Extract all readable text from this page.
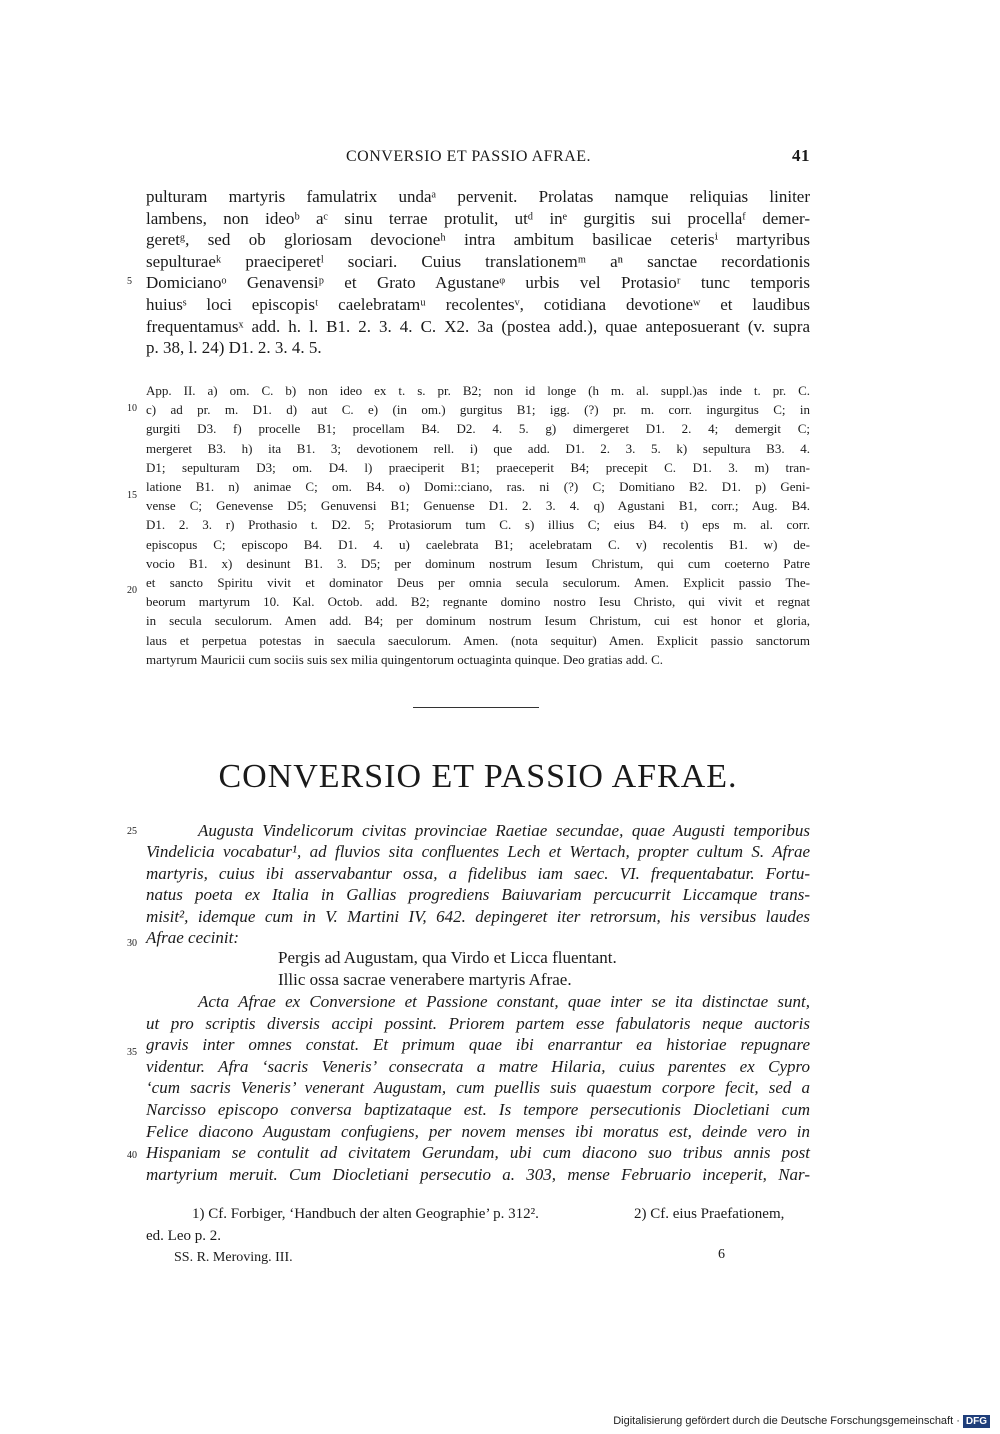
CONVERSIO ET PASSIO AFRAE.	41
pulturam martyris famulatrix undaᵃ pervenit. Prolatas namque reliquias liniter
lambens, non ideoᵇ aᶜ sinu terrae protulit, utᵈ inᵉ gurgitis sui procellaᶠ demer-
geretᵍ, sed ob gloriosam devocioneʰ intra ambitum basilicae ceterisⁱ martyribus
sepulturaeᵏ praeciperetˡ sociari. Cuius translationemᵐ aⁿ sanctae recordationis
Domicianoᵒ Genavensiᵖ et Grato Agustaneᵠ urbis vel Protasioʳ tunc temporis
huiusˢ loci episcopisᵗ caelebratamᵘ recolentesᵛ, cotidiana devotioneʷ et laudibus
frequentamusˣ add. h. l. B1. 2. 3. 4. C. X2. 3a (postea add.), quae anteposuerant (v. supra
p. 38, l. 24) D1. 2. 3. 4. 5.
5
10
15
20
App. II. a) om. C. b) non ideo ex t. s. pr. B2; non id longe (h m. al. suppl.)as inde t. pr. C.
c) ad pr. m. D1. d) aut C. e) (in om.) gurgitus B1; igg. (?) pr. m. corr. ingurgitus C; in
gurgiti D3. f) procelle B1; procellam B4. D2. 4. 5. g) dimergeret D1. 2. 4; demergit C;
mergeret B3. h) ita B1. 3; devotionem rell. i) que add. D1. 2. 3. 5. k) sepultura B3. 4.
D1; sepulturam D3; om. D4. l) praeciperit B1; praeceperit B4; precepit C. D1. 3. m) tran-
latione B1. n) animae C; om. B4. o) Domi::ciano, ras. ni (?) C; Domitiano B2. D1. p) Geni-
vense C; Genevense D5; Genuvensi B1; Genuense D1. 2. 3. 4. q) Agustani B1, corr.; Aug. B4.
D1. 2. 3. r) Prothasio t. D2. 5; Protasiorum tum C. s) illius C; eius B4. t) eps m. al. corr.
episcopus C; episcopo B4. D1. 4. u) caelebrata B1; acelebratam C. v) recolentis B1. w) de-
vocio B1. x) desinunt B1. 3. D5; per dominum nostrum Iesum Christum, qui cum coeterno Patre
et sancto Spiritu vivit et dominator Deus per omnia secula seculorum. Amen. Explicit passio The-
beorum martyrum 10. Kal. Octob. add. B2; regnante domino nostro Iesu Christo, qui vivit et regnat
in secula seculorum. Amen add. B4; per dominum nostrum Iesum Christum, cui est honor et gloria,
laus et perpetua potestas in saecula saeculorum. Amen. (nota sequitur) Amen. Explicit passio sanctorum
martyrum Mauricii cum sociis suis sex milia quingentorum octuaginta quinque. Deo gratias add. C.
CONVERSIO ET PASSIO AFRAE.
25	Augusta Vindelicorum civitas provinciae Raetiae secundae, quae Augusti temporibus
Vindelicia vocabatur¹, ad fluvios sita confluentes Lech et Wertach, propter cultum S. Afrae
martyris, cuius ibi asservabantur ossa, a fidelibus iam saec. VI. frequentabatur. Fortu-
natus poeta ex Italia in Gallias progrediens Baiuvariam percucurrit Liccamque trans-
misit², idemque cum in V. Martini IV, 642. depingeret iter retrorsum, his versibus laudes
Afrae cecinit:
30
Pergis ad Augustam, qua Virdo et Licca fluentant.
Illic ossa sacrae venerabere martyris Afrae.
Acta Afrae ex Conversione et Passione constant, quae inter se ita distinctae sunt,
ut pro scriptis diversis accipi possint. Priorem partem esse fabulatoris neque auctoris
gravis inter omnes constat. Et primum quae ibi enarrantur ea historiae repugnare
videntur. Afra ‘sacris Veneris’ consecrata a matre Hilaria, cuius parentes ex Cypro
‘cum sacris Veneris’ venerant Augustam, cum puellis suis quaestum corpore fecit, sed a
Narcisso episcopo conversa baptizataque est. Is tempore persecutionis Diocletiani cum
Felice diacono Augustam confugiens, per novem menses ibi moratus est, deinde vero in
Hispaniam se contulit ad civitatem Gerundam, ubi cum diacono suo tribus annis post
martyrium meruit. Cum Diocletiani persecutio a. 303, mense Februario inceperit, Nar-
35
40
1) Cf. Forbiger, ‘Handbuch der alten Geographie’ p. 312².	2) Cf. eius Praefationem,
ed. Leo p. 2.
SS. R. Meroving. III.	6
Digitalisierung gefördert durch die Deutsche Forschungsgemeinschaft · DFG
